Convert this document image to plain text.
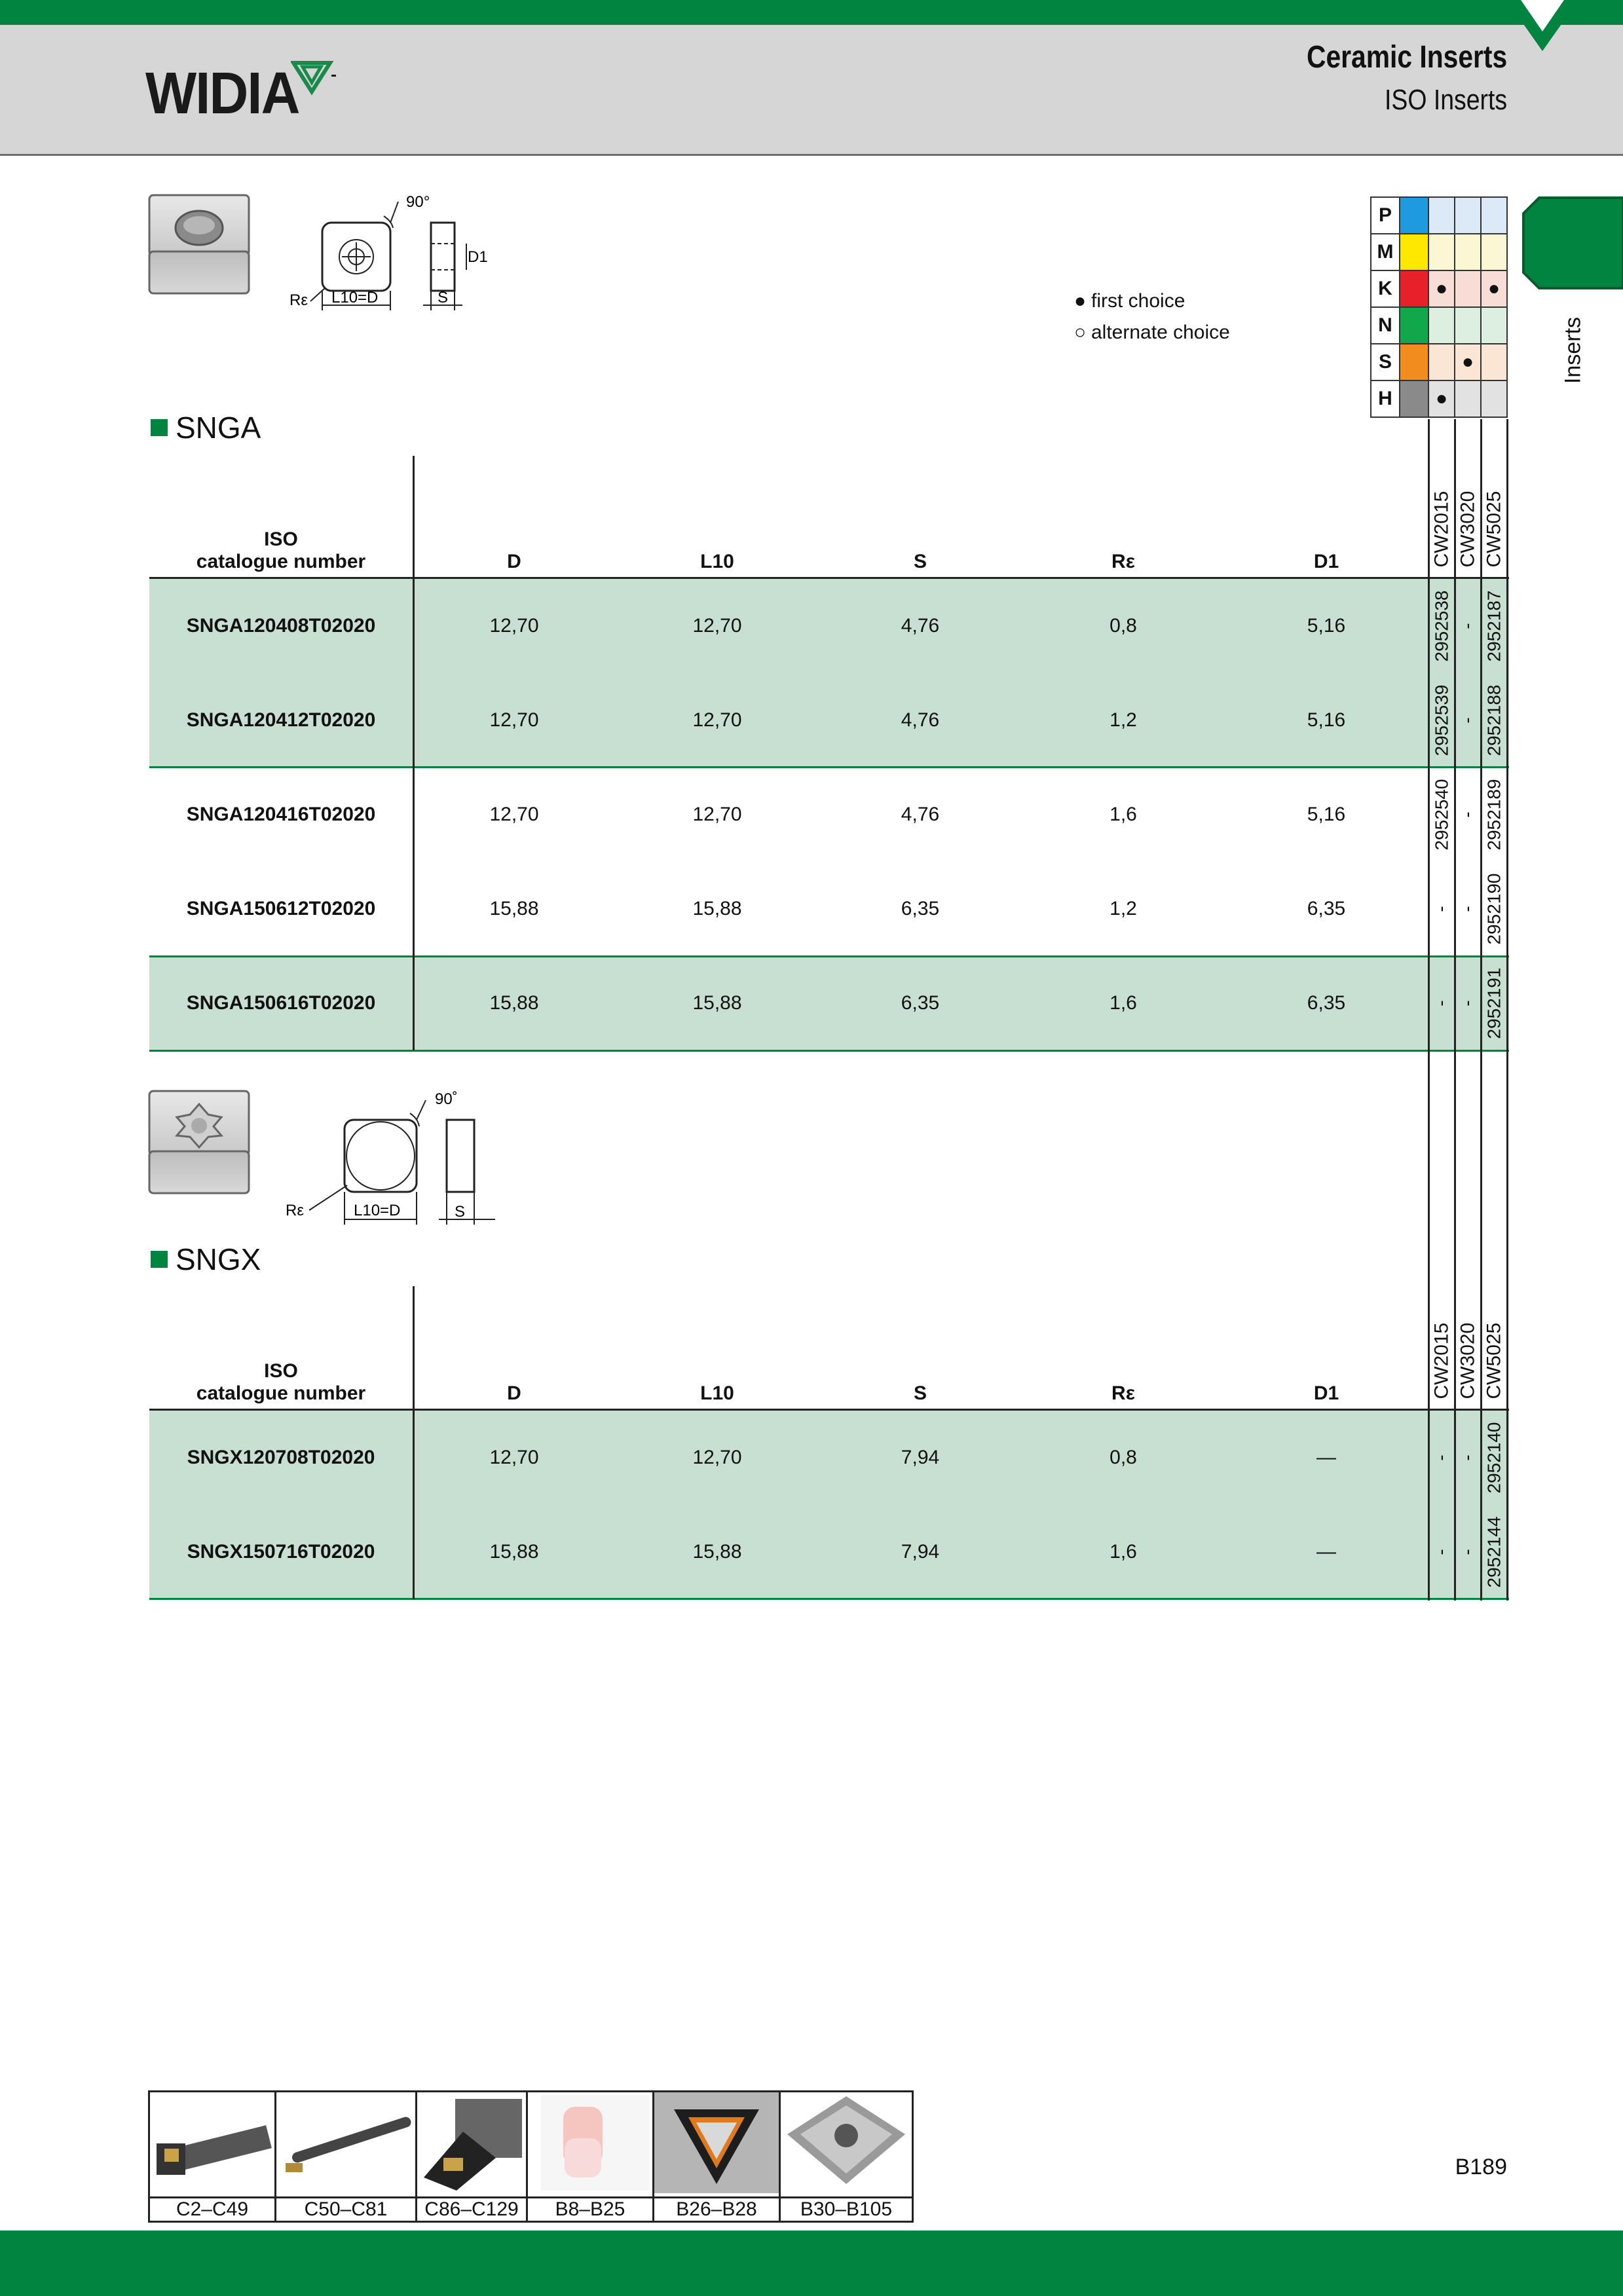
WIDIA
Ceramic Inserts
ISO Inserts
Inserts
P				
M				
K		●		●
N				
S			●	
H		●		
● first choice
○ alternate choice
90°
L10=D
Rε
D1
S
SNGA
ISO
catalogue number	D	L10	S	Rε	D1	CW2015 CW3020 CW5025
SNGA120408T02020	12,70	12,70	4,76	0,8	5,16	2952538 - 2952187
SNGA120412T02020	12,70	12,70	4,76	1,2	5,16	2952539 - 2952188
SNGA120416T02020	12,70	12,70	4,76	1,6	5,16	2952540 - 2952189
SNGA150612T02020	15,88	15,88	6,35	1,2	6,35	- - 2952190
SNGA150616T02020	15,88	15,88	6,35	1,6	6,35	- - 2952191
90˚
L10=D
Rε	S
SNGX
ISO
catalogue number	D	L10	S	Rε	D1	CW2015 CW3020 CW5025
SNGX120708T02020	12,70	12,70	7,94	0,8	—	- - 2952140
SNGX150716T02020	15,88	15,88	7,94	1,6	—	- - 2952144

C2–C49	C50–C81	C86–C129	B8–B25	B26–B28	B30–B105
B189
